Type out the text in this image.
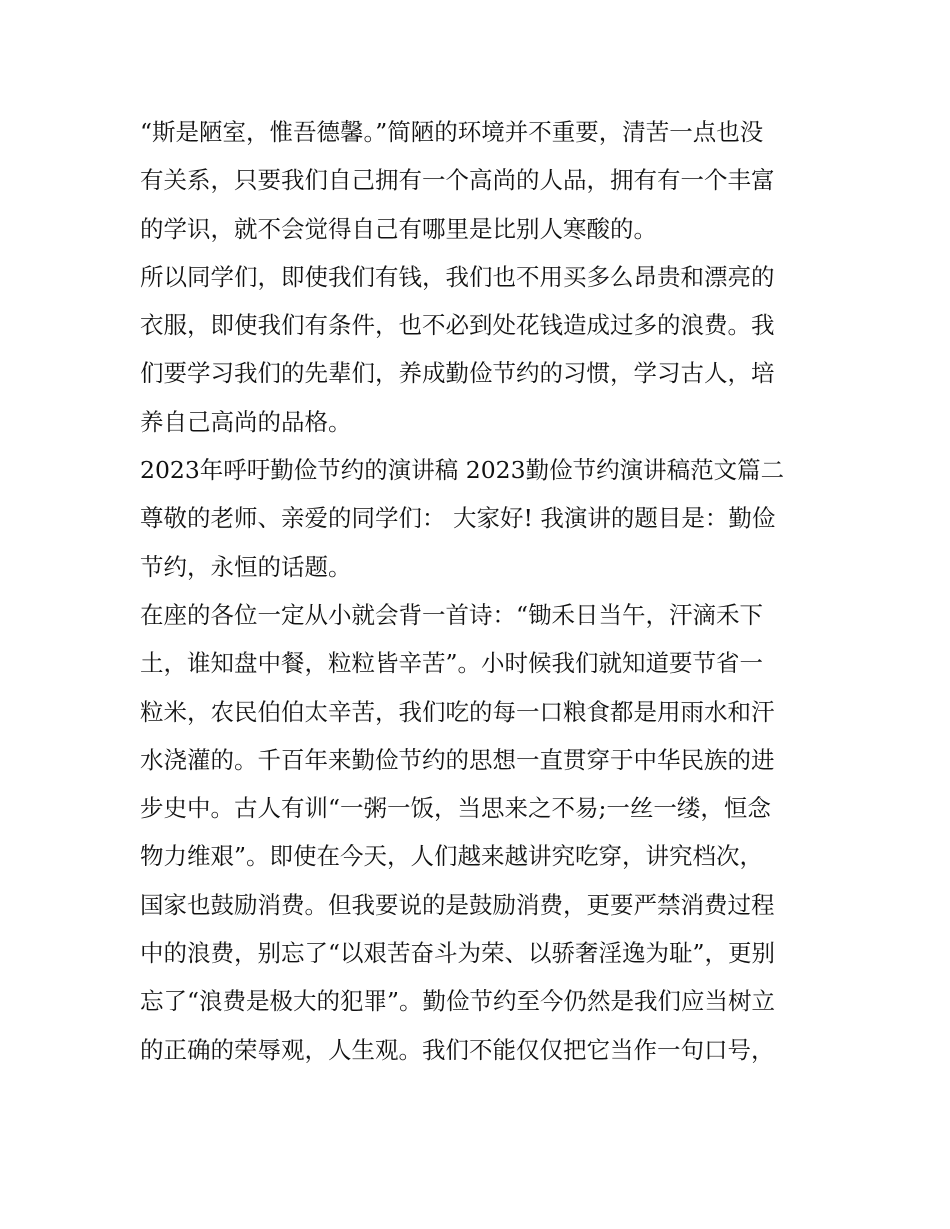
“斯是陋室，惟吾德馨。”简陋的环境并不重要，清苦一点也没
有关系，只要我们自己拥有一个高尚的人品，拥有有一个丰富
的学识，就不会觉得自己有哪里是比别人寒酸的。
所以同学们，即使我们有钱，我们也不用买多么昂贵和漂亮的
衣服，即使我们有条件，也不必到处花钱造成过多的浪费。我
们要学习我们的先辈们，养成勤俭节约的习惯，学习古人，培
养自己高尚的品格。
2023年呼吁勤俭节约的演讲稿 2023勤俭节约演讲稿范文篇二
尊敬的老师、亲爱的同学们： 大家好! 我演讲的题目是：勤俭
节约，永恒的话题。
在座的各位一定从小就会背一首诗：“锄禾日当午，汗滴禾下
土，谁知盘中餐，粒粒皆辛苦”。小时候我们就知道要节省一
粒米，农民伯伯太辛苦，我们吃的每一口粮食都是用雨水和汗
水浇灌的。千百年来勤俭节约的思想一直贯穿于中华民族的进
步史中。古人有训“一粥一饭，当思来之不易;一丝一缕，恒念
物力维艰”。即使在今天，人们越来越讲究吃穿，讲究档次，
国家也鼓励消费。但我要说的是鼓励消费，更要严禁消费过程
中的浪费，别忘了“以艰苦奋斗为荣、以骄奢淫逸为耻”，更别
忘了“浪费是极大的犯罪”。勤俭节约至今仍然是我们应当树立
的正确的荣辱观，人生观。我们不能仅仅把它当作一句口号，
